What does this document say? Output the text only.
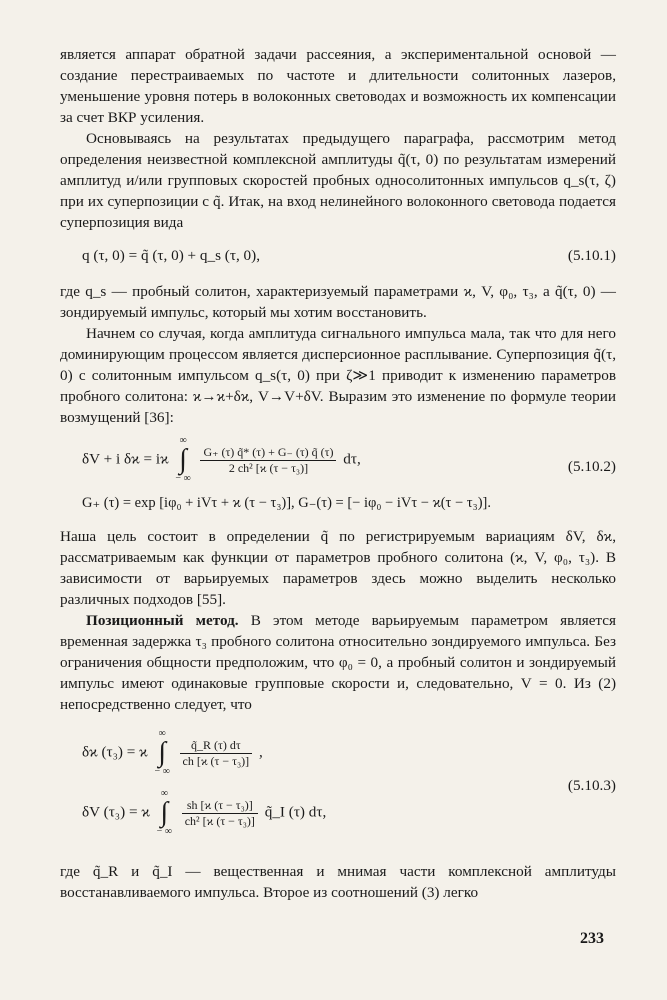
является аппарат обратной задачи рассеяния, а экспериментальной основой — создание перестраиваемых по частоте и длительности солитонных лазеров, уменьшение уровня потерь в волоконных световодах и возможность их компенсации за счет ВКР усиления.

Основываясь на результатах предыдущего параграфа, рассмотрим метод определения неизвестной комплексной амплитуды q̃(τ, 0) по результатам измерений амплитуд и/или групповых скоростей пробных односолитонных импульсов q_s(τ, ζ) при их суперпозиции с q̃. Итак, на вход нелинейного волоконного световода подается суперпозиция вида

q (τ, 0) = q̃ (τ, 0) + q_s (τ, 0),	(5.10.1)

где q_s — пробный солитон, характеризуемый параметрами ϰ, V, φ₀, τ₃, а q̃(τ, 0) — зондируемый импульс, который мы хотим восстановить.

Начнем со случая, когда амплитуда сигнального импульса мала, так что для него доминирующим процессом является дисперсионное расплывание. Суперпозиция q̃(τ, 0) с солитонным импульсом q_s(τ, 0) при ζ≫1 приводит к изменению параметров пробного солитона: ϰ→ϰ+δϰ, V→V+δV. Выразим это изменение по формуле теории возмущений [36]:

δV + i δϰ = iϰ
∞
∫
− ∞

$\frac{G_+ (\tau) q̃* (\tau) + G_- (\tau) q̃ (\tau)}{\text{2 ch² [ϰ (τ − τ₃)]}} d\tau$,	(5.10.2)
G₊ (τ) = exp [iφ₀ + iVτ + ϰ (τ − τ₃)], G₋(τ) = [− iφ₀ − iVτ − ϰ(τ − τ₃)].

Наша цель состоит в определении q̃ по регистрируемым вариациям δV, δϰ, рассматриваемым как функции от параметров пробного солитона (ϰ, V, φ₀, τ₃). В зависимости от варьируемых параметров здесь можно выделить несколько различных подходов [55].

Позиционный метод. В этом методе варьируемым параметром является временная задержка τ₃ пробного солитона относительно зондируемого импульса. Без ограничения общности предположим, что φ₀ = 0, а пробный солитон и зондируемый импульс имеют одинаковые групповые скорости и, следовательно, V = 0. Из (2) непосредственно следует, что

δϰ (τ₃) = ϰ
∞
∫
− ∞

$\frac{q̃\_R (\tau) d\tau}{\text{ch [ϰ (τ − τ₃)]}}$ ,
δV (τ₃) = ϰ
∞
∫
− ∞

$\frac{\text{sh [ϰ (τ − τ₃)]}}{\text{ch² [ϰ (τ − τ₃)]}}$ q̃_I (τ) dτ,
(5.10.3)

где q̃_R и q̃_I — вещественная и мнимая части комплексной амплитуды восстанавливаемого импульса. Второе из соотношений (3) легко

233
